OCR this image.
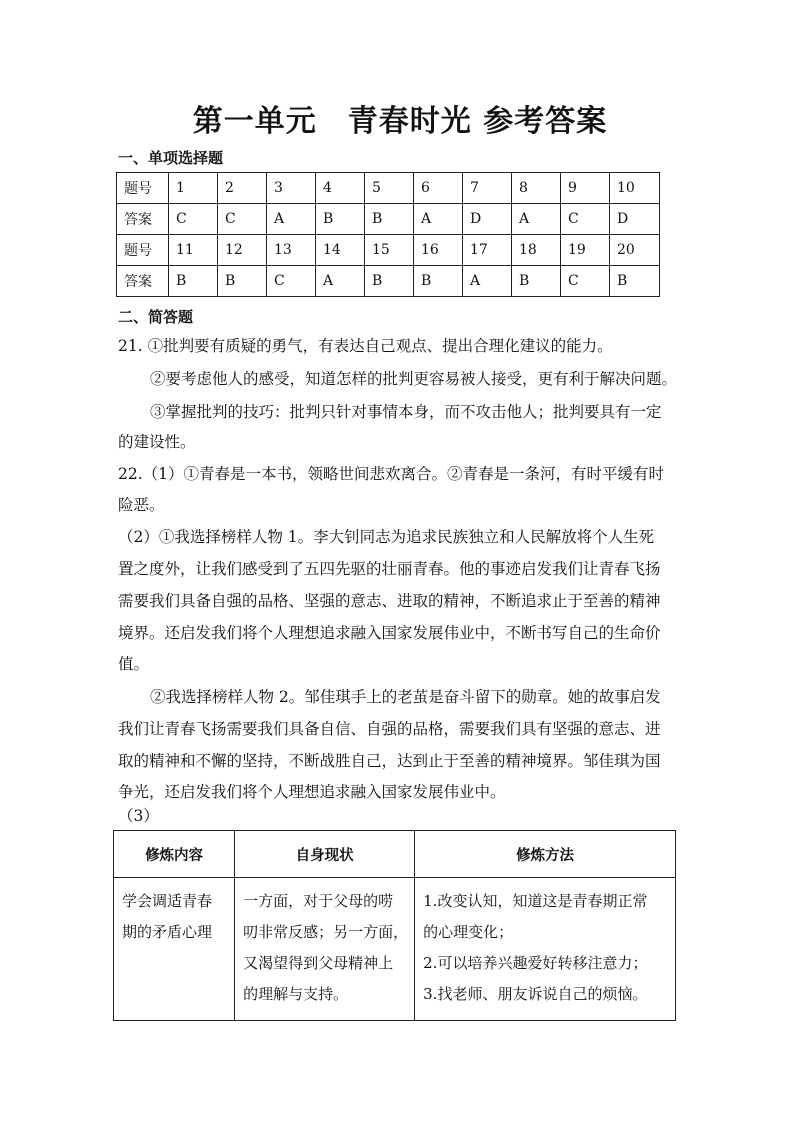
第一单元　青春时光 参考答案
一、单项选择题
题号	1	2	3	4	5	6	7	8	9	10
答案	C	C	A	B	B	A	D	A	C	D
题号	11	12	13	14	15	16	17	18	19	20
答案	B	B	C	A	B	B	A	B	C	B
二、简答题
21. ①批判要有质疑的勇气，有表达自己观点、提出合理化建议的能力。
②要考虑他人的感受，知道怎样的批判更容易被人接受，更有利于解决问题。
③掌握批判的技巧：批判只针对事情本身，而不攻击他人；批判要具有一定
的建设性。
22.（1）①青春是一本书，领略世间悲欢离合。②青春是一条河，有时平缓有时
险恶。
（2）①我选择榜样人物 1。李大钊同志为追求民族独立和人民解放将个人生死
置之度外，让我们感受到了五四先驱的壮丽青春。他的事迹启发我们让青春飞扬
需要我们具备自强的品格、坚强的意志、进取的精神，不断追求止于至善的精神
境界。还启发我们将个人理想追求融入国家发展伟业中，不断书写自己的生命价
值。
②我选择榜样人物 2。邹佳琪手上的老茧是奋斗留下的勋章。她的故事启发
我们让青春飞扬需要我们具备自信、自强的品格，需要我们具有坚强的意志、进
取的精神和不懈的坚持，不断战胜自己，达到止于至善的精神境界。邹佳琪为国
争光，还启发我们将个人理想追求融入国家发展伟业中。
（3）
修炼内容	自身现状	修炼方法

学会调适青春
期的矛盾心理	一方面，对于父母的唠
叨非常反感；另一方面，
又渴望得到父母精神上
的理解与支持。	1.改变认知，知道这是青春期正常
的心理变化；
2.可以培养兴趣爱好转移注意力；
3.找老师、朋友诉说自己的烦恼。
